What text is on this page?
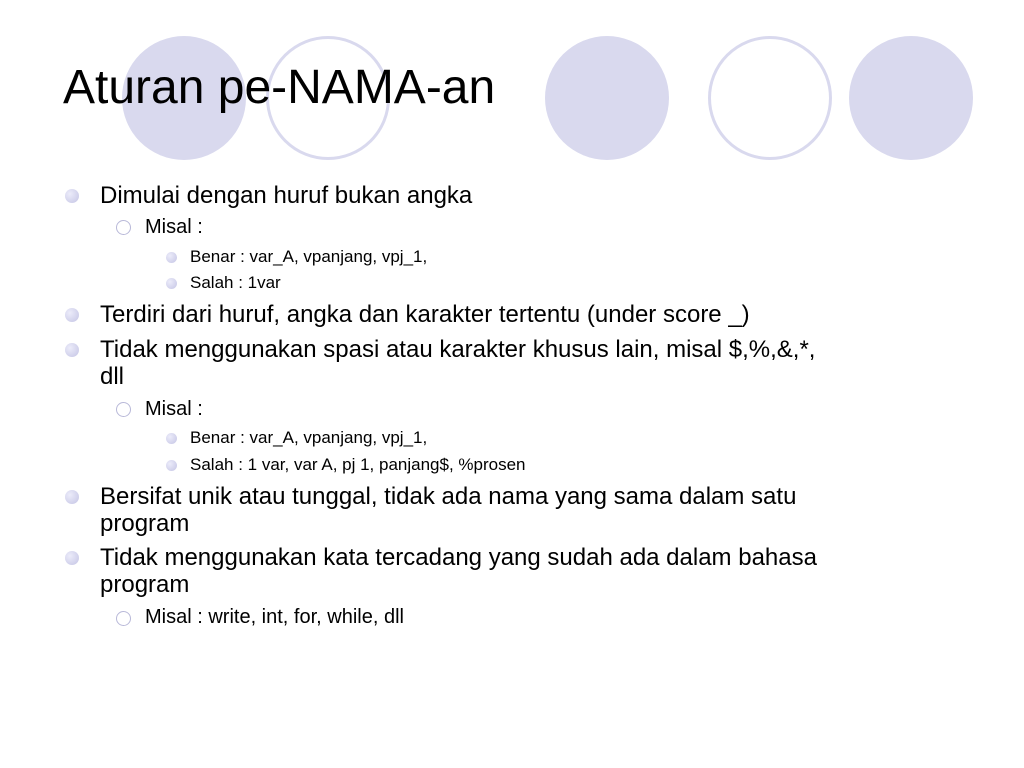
Aturan pe-NAMA-an
Dimulai dengan huruf bukan angka
Misal :
Benar : var_A, vpanjang, vpj_1,
Salah : 1var
Terdiri dari huruf, angka dan karakter tertentu (under score _)
Tidak menggunakan spasi atau karakter khusus lain, misal $,%,&,*,
dll
Misal :
Benar : var_A, vpanjang, vpj_1,
Salah : 1 var, var A, pj 1, panjang$, %prosen
Bersifat unik atau tunggal, tidak ada nama yang sama dalam satu
program
Tidak menggunakan kata tercadang yang sudah ada dalam bahasa
program
Misal : write, int, for, while, dll
